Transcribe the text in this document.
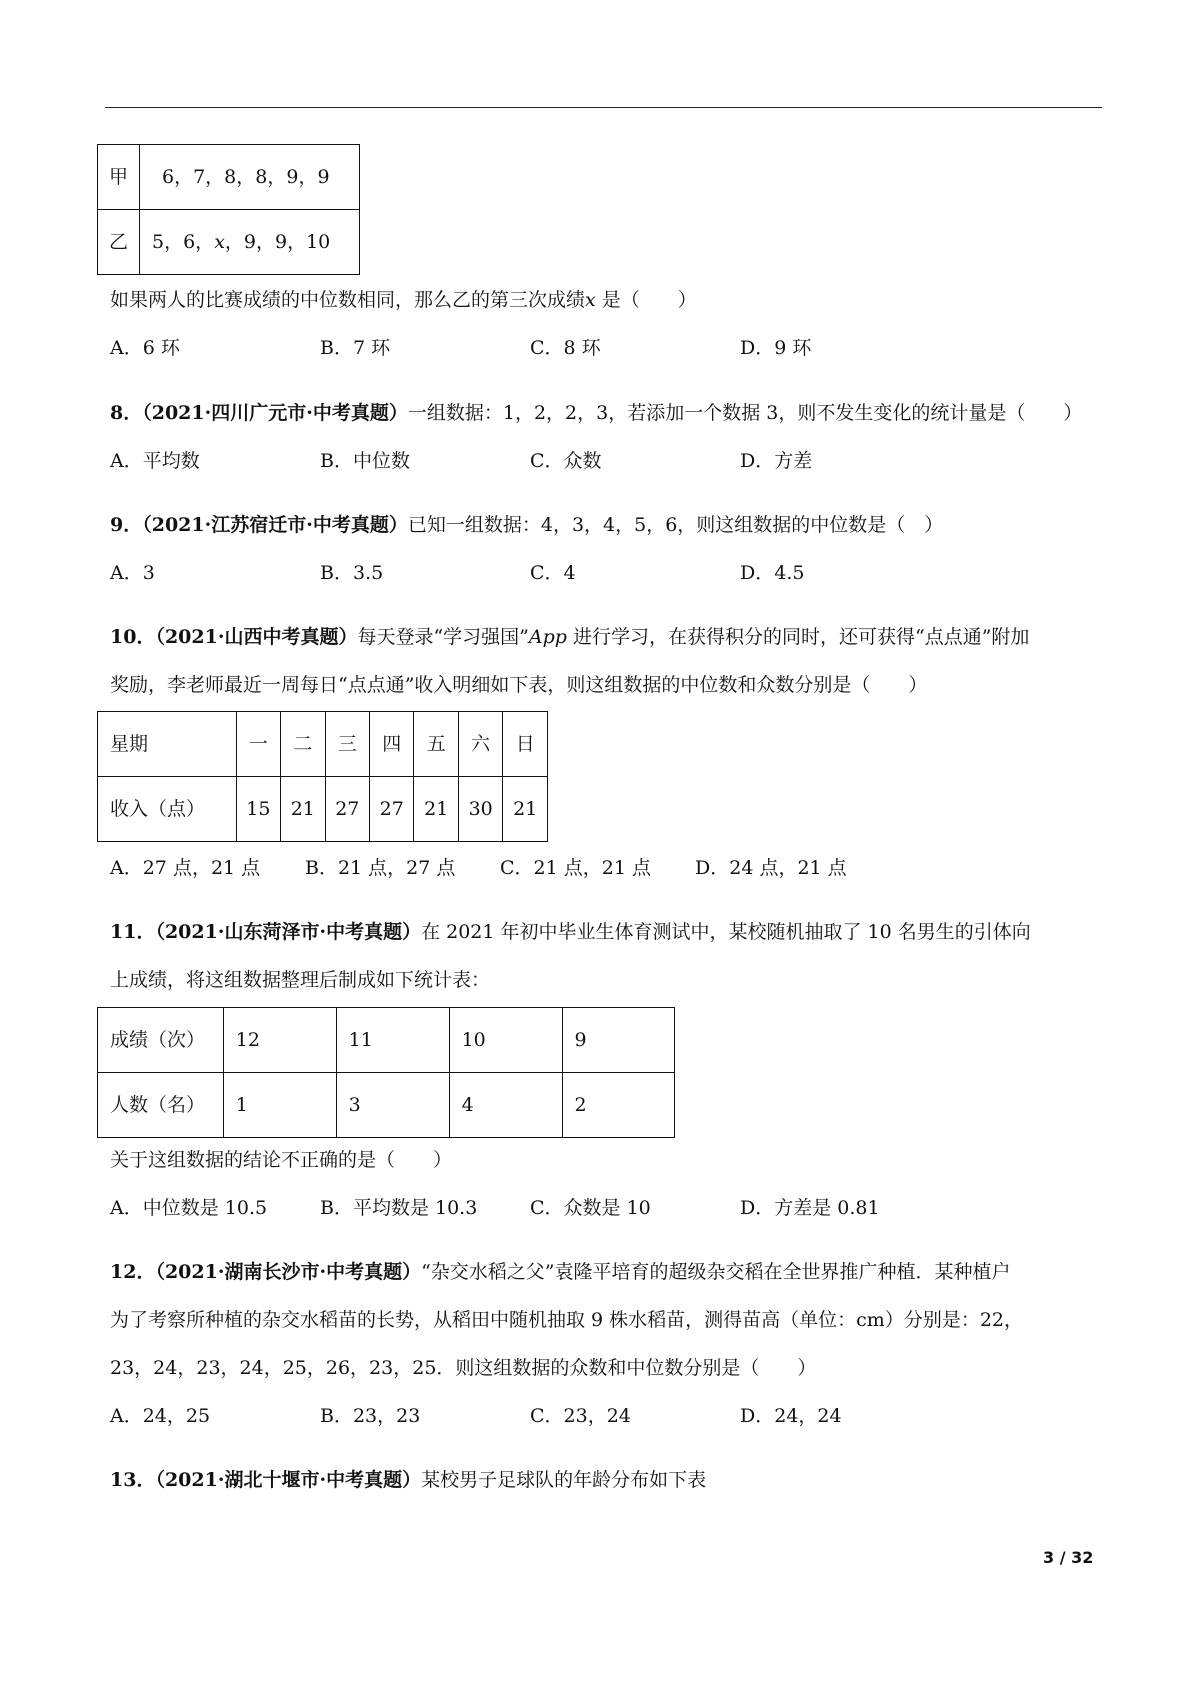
甲	6，7，8，8，9，9
乙	5，6，x，9，9，10
如果两人的比赛成绩的中位数相同，那么乙的第三次成绩x 是（　　）
A．6 环	B．7 环	C．8 环	D．9 环
8．（2021·四川广元市·中考真题）一组数据：1，2，2，3，若添加一个数据 3，则不发生变化的统计量是（　　）
A．平均数	B．中位数	C．众数	D．方差
9．（2021·江苏宿迁市·中考真题）已知一组数据：4，3，4，5，6，则这组数据的中位数是（　）
A．3	B．3.5	C．4	D．4.5
10．（2021·山西中考真题）每天登录“学习强国”App 进行学习，在获得积分的同时，还可获得“点点通”附加
奖励，李老师最近一周每日“点点通”收入明细如下表，则这组数据的中位数和众数分别是（　　）
星期	一	二	三	四	五	六	日
收入（点）	15	21	27	27	21	30	21
A．27 点，21 点 B．21 点，27 点 C．21 点，21 点 D．24 点，21 点
11．（2021·山东菏泽市·中考真题）在 2021 年初中毕业生体育测试中，某校随机抽取了 10 名男生的引体向
上成绩，将这组数据整理后制成如下统计表：
成绩（次）	12	11	10	9
人数（名）	1	3	4	2
关于这组数据的结论不正确的是（　　）
A．中位数是 10.5	B．平均数是 10.3	C．众数是 10	D．方差是 0.81
12．（2021·湖南长沙市·中考真题）“杂交水稻之父”袁隆平培育的超级杂交稻在全世界推广种植．某种植户
为了考察所种植的杂交水稻苗的长势，从稻田中随机抽取 9 株水稻苗，测得苗高（单位：cm）分别是：22，
23，24，23，24，25，26，23，25．则这组数据的众数和中位数分别是（　　）
A．24，25	B．23，23	C．23，24	D．24，24
13．（2021·湖北十堰市·中考真题）某校男子足球队的年龄分布如下表
3 / 32
